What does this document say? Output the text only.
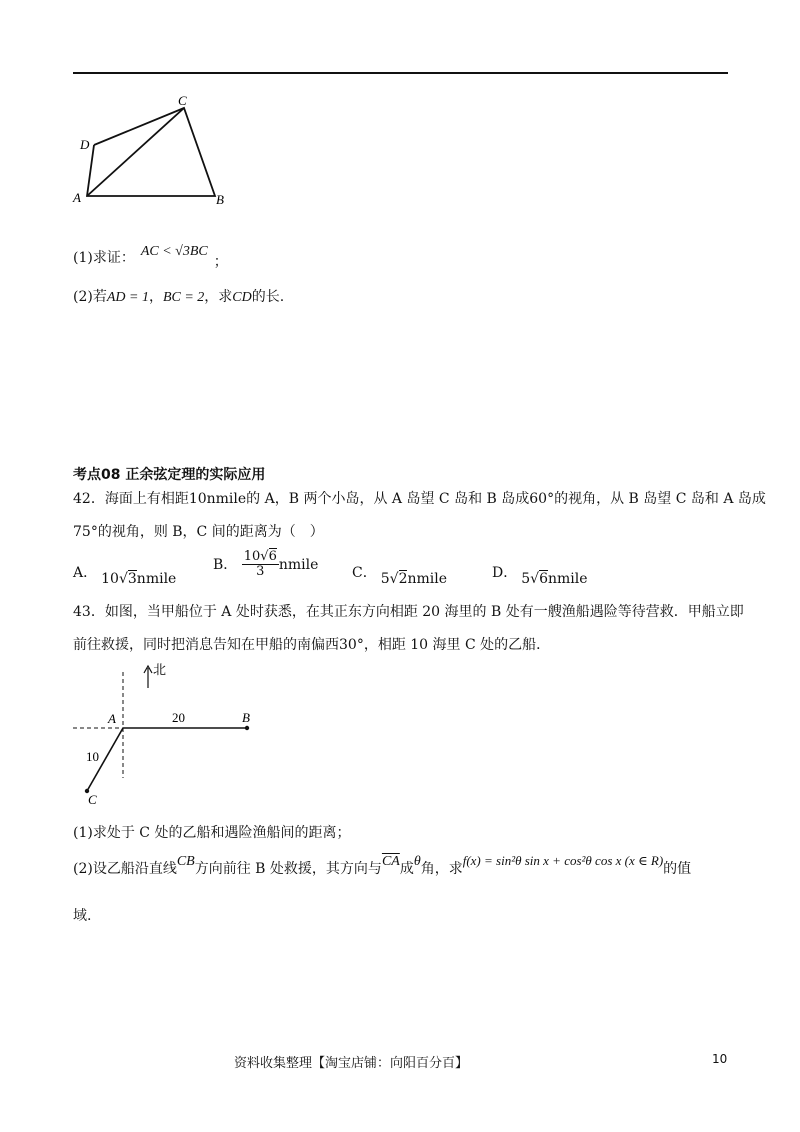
C
D
A	B
(1)求证： AC < √3BC；
(2)若AD = 1，BC = 2，求CD的长.
考点08 正余弦定理的实际应用
42．海面上有相距10nmile的 A，B 两个小岛，从 A 岛望 C 岛和 B 岛成60°的视角，从 B 岛望 C 岛和 A 岛成
75°的视角，则 B，C 间的距离为（　）
A． 10√3nmile
B． $\frac{10√6}{3}$ nmile
C． 5√2nmile	D． 5√6nmile
43．如图，当甲船位于 A 处时获悉，在其正东方向相距 20 海里的 B 处有一艘渔船遇险等待营救．甲船立即
前往救援，同时把消息告知在甲船的南偏西30°，相距 10 海里 C 处的乙船．
北
A	B
C
20
10
(1)求处于 C 处的乙船和遇险渔船间的距离；
(2)设乙船沿直线CB方向前往 B 处救援，其方向与$\overline{CA}$成θ角，求f(x) = sin²θ sin x + cos²θ cos x (x ∈ R)的值
域.
资料收集整理【淘宝店铺：向阳百分百】	10
